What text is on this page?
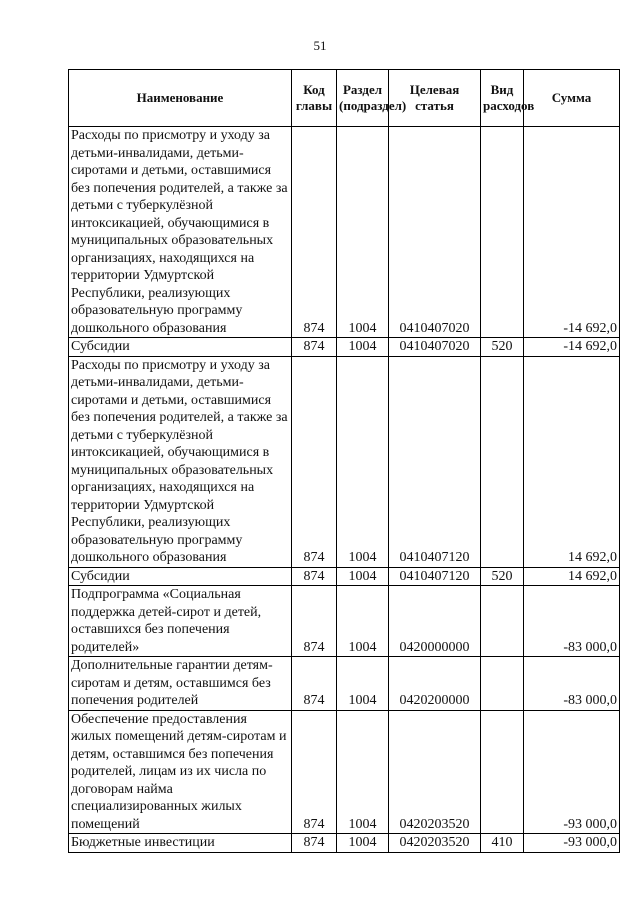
51
Наименование	Код главы	Раздел (подраздел)	Целевая статья	Вид расходов	Сумма
Расходы по присмотру и уходу за детьми-инвалидами, детьми-сиротами и детьми, оставшимися без попечения родителей, а также за детьми с туберкулёзной интоксикацией, обучающимися в муниципальных образовательных организациях, находящихся на территории Удмуртской Республики, реализующих образовательную программу дошкольного образования	874	1004	0410407020		-14 692,0
Субсидии	874	1004	0410407020	520	-14 692,0
Расходы по присмотру и уходу за детьми-инвалидами, детьми-сиротами и детьми, оставшимися без попечения родителей, а также за детьми с туберкулёзной интоксикацией, обучающимися в муниципальных образовательных организациях, находящихся на территории Удмуртской Республики, реализующих образовательную программу дошкольного образования	874	1004	0410407120		14 692,0
Субсидии	874	1004	0410407120	520	14 692,0
Подпрограмма «Социальная поддержка детей-сирот и детей, оставшихся без попечения родителей»	874	1004	0420000000		-83 000,0
Дополнительные гарантии детям-сиротам и детям, оставшимся без попечения родителей	874	1004	0420200000		-83 000,0
Обеспечение предоставления жилых помещений детям-сиротам и детям, оставшимся без попечения родителей, лицам из их числа по договорам найма специализированных жилых помещений	874	1004	0420203520		-93 000,0
Бюджетные инвестиции	874	1004	0420203520	410	-93 000,0
